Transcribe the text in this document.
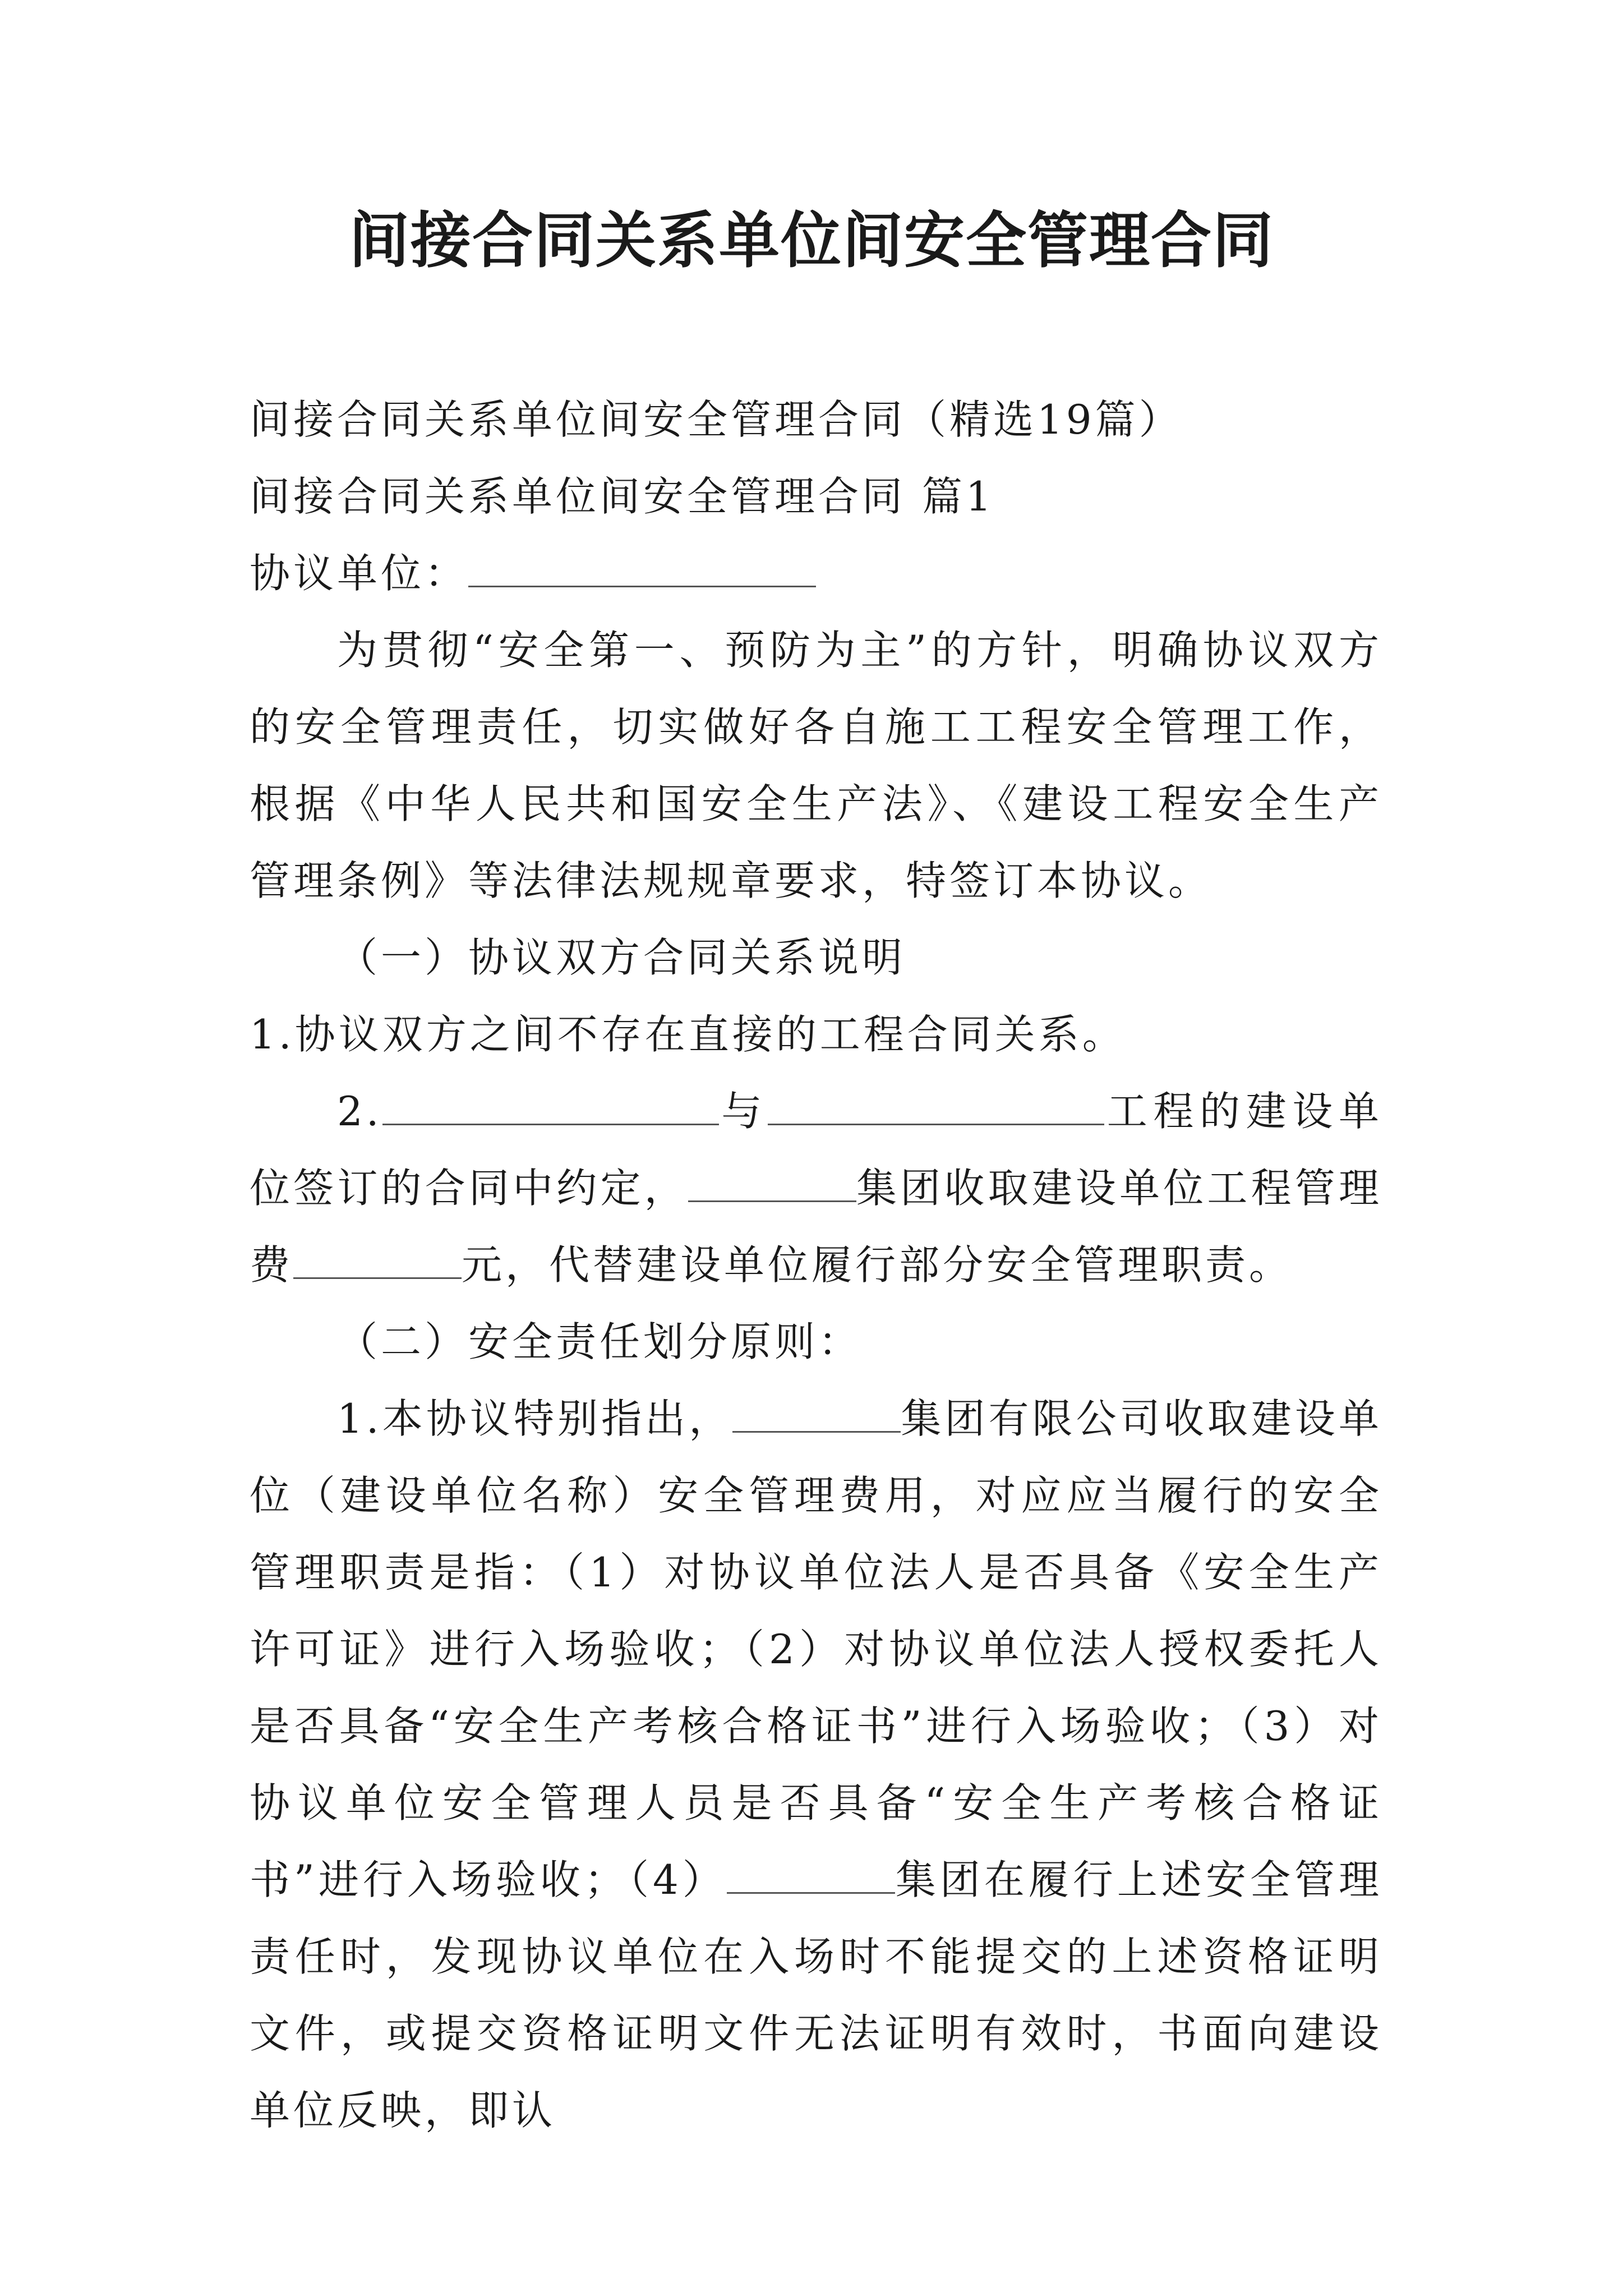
间接合同关系单位间安全管理合同

间接合同关系单位间安全管理合同（精选19篇）

间接合同关系单位间安全管理合同 篇1

协议单位：

为贯彻“安全第一、预防为主”的方针，明确协议双方的安全管理责任，切实做好各自施工工程安全管理工作，根据《中华人民共和国安全生产法》、《建设工程安全生产管理条例》等法律法规规章要求，特签订本协议。

（一）协议双方合同关系说明

1.协议双方之间不存在直接的工程合同关系。

2.	与	工程的建设单位签订的合同中约定，	集团收取建设单位工程管理费	元，代替建设单位履行部分安全管理职责。

（二）安全责任划分原则：

1.本协议特别指出，	集团有限公司收取建设单位（建设单位名称）安全管理费用，对应应当履行的安全管理职责是指：（1）对协议单位法人是否具备《安全生产许可证》进行入场验收；（2）对协议单位法人授权委托人是否具备“安全生产考核合格证书”进行入场验收；（3）对协议单位安全管理人员是否具备“安全生产考核合格证书”进行入场验收；（4）	集团在履行上述安全管理责任时，发现协议单位在入场时不能提交的上述资格证明文件，或提交资格证明文件无法证明有效时，书面向建设单位反映，即认
